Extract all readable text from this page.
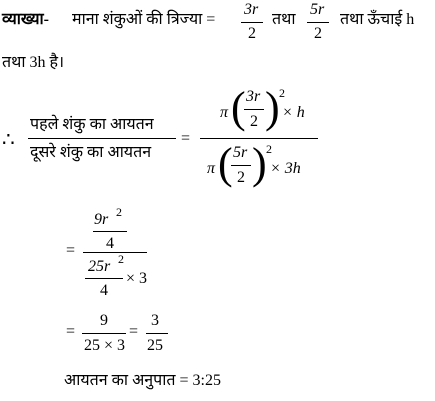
व्याख्या- माना शंकुओं की त्रिज्या =
3r
2
तथा
5r
2
तथा ऊँचाई h
तथा 3h है।
∴
पहले शंकु का आयतन
दूसरे शंकु का आयतन
=
π ( 3r
2 ) 2
× h
π ( 5r
2 ) 2
× 3h
9r 2
4
=
25r 2
4
× 3
=
9
25 × 3
=
3
25
आयतन का अनुपात = 3:25
